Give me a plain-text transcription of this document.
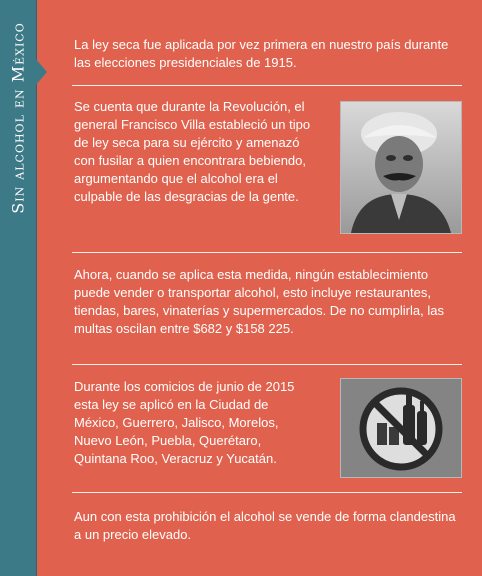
Sin alcohol en México	La ley seca fue aplicada por vez primera en nuestro país durante las elecciones presidenciales de 1915.
Se cuenta que durante la Revolución, el general Francisco Villa estableció un tipo de ley seca para su ejército y amenazó con fusilar a quien encontrara bebiendo, argumentando que el alcohol era el culpable de las desgracias de la gente.
Ahora, cuando se aplica esta medida, ningún establecimiento puede vender o transportar alcohol, esto incluye restaurantes, tiendas, bares, vinaterías y supermercados. De no cumplirla, las multas oscilan entre $682 y $158 225.
Durante los comicios de junio de 2015 esta ley se aplicó en la Ciudad de México, Guerrero, Jalisco, Morelos, Nuevo León, Puebla, Querétaro, Quintana Roo, Veracruz y Yucatán.
Aun con esta prohibición el alcohol se vende de forma clandestina a un precio elevado.
